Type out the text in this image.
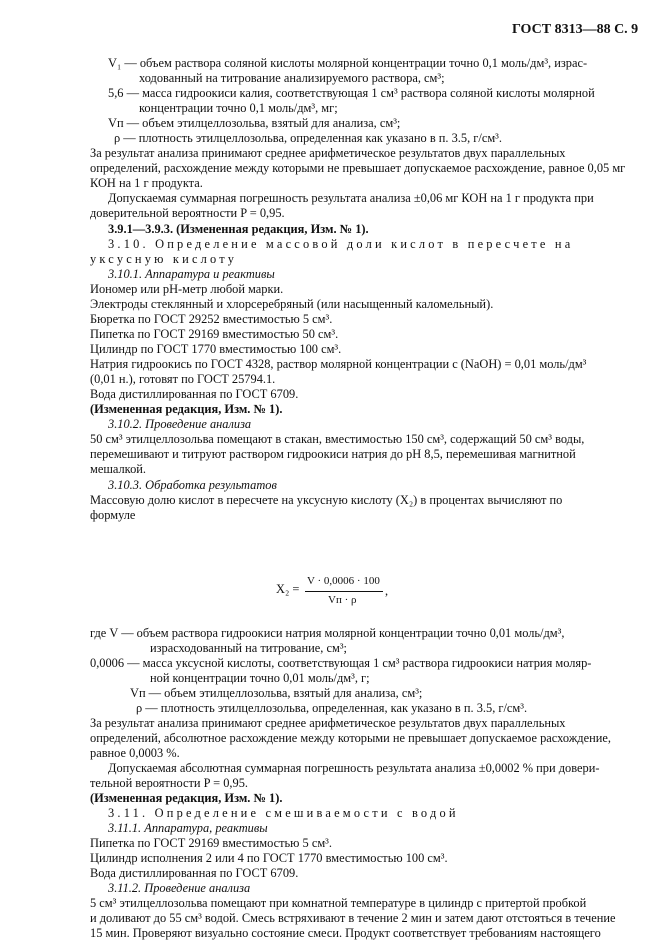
ГОСТ 8313—88 С. 9
V₁ — объем раствора соляной кислоты молярной концентрации точно 0,1 моль/дм³, израс-
ходованный на титрование анализируемого раствора, см³;
5,6 — масса гидроокиси калия, соответствующая 1 см³ раствора соляной кислоты молярной
концентрации точно 0,1 моль/дм³, мг;
Vп — объем этилцеллозольва, взятый для анализа, см³;
ρ — плотность этилцеллозольва, определенная как указано в п. 3.5, г/см³.
За результат анализа принимают среднее арифметическое результатов двух параллельных
определений, расхождение между которыми не превышает допускаемое расхождение, равное 0,05 мг
КОН на 1 г продукта.
Допускаемая суммарная погрешность результата анализа ±0,06 мг КОН на 1 г продукта при
доверительной вероятности P = 0,95.
3.9.1—3.9.3. (Измененная редакция, Изм. № 1).
3.10. Определение массовой доли кислот в пересчете на
уксусную кислоту
3.10.1. Аппаратура и реактивы
Иономер или рН-метр любой марки.
Электроды стеклянный и хлорсеребряный (или насыщенный каломельный).
Бюретка по ГОСТ 29252 вместимостью 5 см³.
Пипетка по ГОСТ 29169 вместимостью 50 см³.
Цилиндр по ГОСТ 1770 вместимостью 100 см³.
Натрия гидроокись по ГОСТ 4328, раствор молярной концентрации c (NaOH) = 0,01 моль/дм³
(0,01 н.), готовят по ГОСТ 25794.1.
Вода дистиллированная по ГОСТ 6709.
(Измененная редакция, Изм. № 1).
3.10.2. Проведение анализа
50 см³ этилцеллозольва помещают в стакан, вместимостью 150 см³, содержащий 50 см³ воды,
перемешивают и титруют раствором гидроокиси натрия до рН 8,5, перемешивая магнитной
мешалкой.
3.10.3. Обработка результатов
Массовую долю кислот в пересчете на уксусную кислоту (X₂) в процентах вычисляют по
формуле
X₂ =
V · 0,0006 · 100
Vп · ρ
,
где V — объем раствора гидроокиси натрия молярной концентрации точно 0,01 моль/дм³,
израсходованный на титрование, см³;
0,0006 — масса уксусной кислоты, соответствующая 1 см³ раствора гидроокиси натрия моляр-
ной концентрации точно 0,01 моль/дм³, г;
Vп — объем этилцеллозольва, взятый для анализа, см³;
ρ — плотность этилцеллозольва, определенная, как указано в п. 3.5, г/см³.
За результат анализа принимают среднее арифметическое результатов двух параллельных
определений, абсолютное расхождение между которыми не превышает допускаемое расхождение,
равное 0,0003 %.
Допускаемая абсолютная суммарная погрешность результата анализа ±0,0002 % при довери-
тельной вероятности P = 0,95.
(Измененная редакция, Изм. № 1).
3.11. Определение смешиваемости с водой
3.11.1. Аппаратура, реактивы
Пипетка по ГОСТ 29169 вместимостью 5 см³.
Цилиндр исполнения 2 или 4 по ГОСТ 1770 вместимостью 100 см³.
Вода дистиллированная по ГОСТ 6709.
3.11.2. Проведение анализа
5 см³ этилцеллозольва помещают при комнатной температуре в цилиндр с притертой пробкой
и доливают до 55 см³ водой. Смесь встряхивают в течение 2 мин и затем дают отстояться в течение
15 мин. Проверяют визуально состояние смеси. Продукт соответствует требованиям настоящего
